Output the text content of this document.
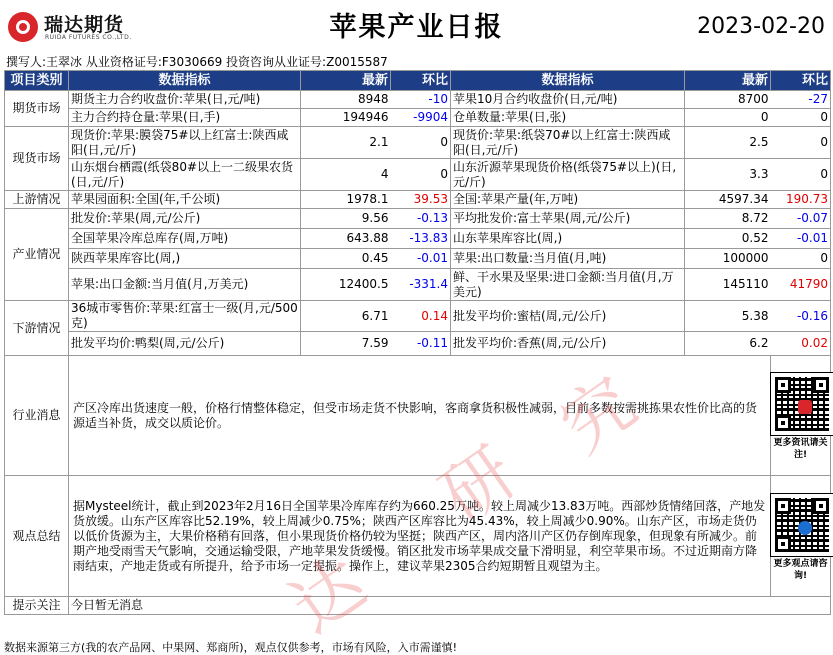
瑞达期货
RUIDA FUTURES CO.,LTD.	苹果产业日报	2023-02-20
撰写人:王翠冰 从业资格证号:F3030669 投资咨询从业证号:Z0015587
项目类别	数据指标	最新	环比	数据指标	最新	环比
期货市场	期货主力合约收盘价:苹果(日,元/吨)	8948	-10	苹果10月合约收盘价(日,元/吨)	8700	-27
	主力合约持仓量:苹果(日,手)	194946	-9904	仓单数量:苹果(日,张)	0	0
现货市场	现货价:苹果:膜袋75#以上红富士:陕西咸阳(日,元/斤)	2.1	0	现货价:苹果:纸袋70#以上红富士:陕西咸阳(日,元/斤)	2.5	0
	山东烟台栖霞(纸袋80#以上一二级果农货(日,元/斤)	4	0	山东沂源苹果现货价格(纸袋75#以上)(日,元/斤)	3.3	0
上游情况	苹果园面积:全国(年,千公顷)	1978.1	39.53	全国:苹果产量(年,万吨)	4597.34	190.73
产业情况	批发价:苹果(周,元/公斤)	9.56	-0.13	平均批发价:富士苹果(周,元/公斤)	8.72	-0.07
	全国苹果冷库总库存(周,万吨)	643.88	-13.83	山东苹果库容比(周,)	0.52	-0.01
	陕西苹果库容比(周,)	0.45	-0.01	苹果:出口数量:当月值(月,吨)	100000	0
	苹果:出口金额:当月值(月,万美元)	12400.5	-331.4	鲜、干水果及坚果:进口金额:当月值(月,万美元)	145110	41790
下游情况	36城市零售价:苹果:红富士一级(月,元/500克)	6.71	0.14	批发平均价:蜜桔(周,元/公斤)	5.38	-0.16
	批发平均价:鸭梨(周,元/公斤)	7.59	-0.11	批发平均价:香蕉(周,元/公斤)	6.2	0.02
行业消息	产区冷库出货速度一般，价格行情整体稳定，但受市场走货不快影响，客商拿货积极性减弱，目前多数按需挑拣果农性价比高的货源适当补货，成交以质论价。					更多资讯请关注!

观点总结	据Mysteel统计，截止到2023年2月16日全国苹果冷库库存约为660.25万吨。较上周减少13.83万吨。西部炒货情绪回落，产地发货放缓。山东产区库容比52.19%，较上周减少0.75%；陕西产区库容比为45.43%，较上周减少0.90%。山东产区，市场走货仍以低价货源为主，大果价格稍有回落，但小果现货价格仍较为坚挺；陕西产区，周内洛川产区仍存倒库现象，但现象有所减少。前期产地受雨雪天气影响，交通运输受限，产地苹果发货缓慢。销区批发市场苹果成交量下滑明显，利空苹果市场。不过近期南方降雨结束，产地走货或有所提升，给予市场一定提振。操作上，建议苹果2305合约短期暂且观望为主。					更多观点请咨询!

提示关注	今日暂无消息					
数据来源第三方(我的农产品网、中果网、郑商所)，观点仅供参考，市场有风险，入市需谨慎!
研
究
达
